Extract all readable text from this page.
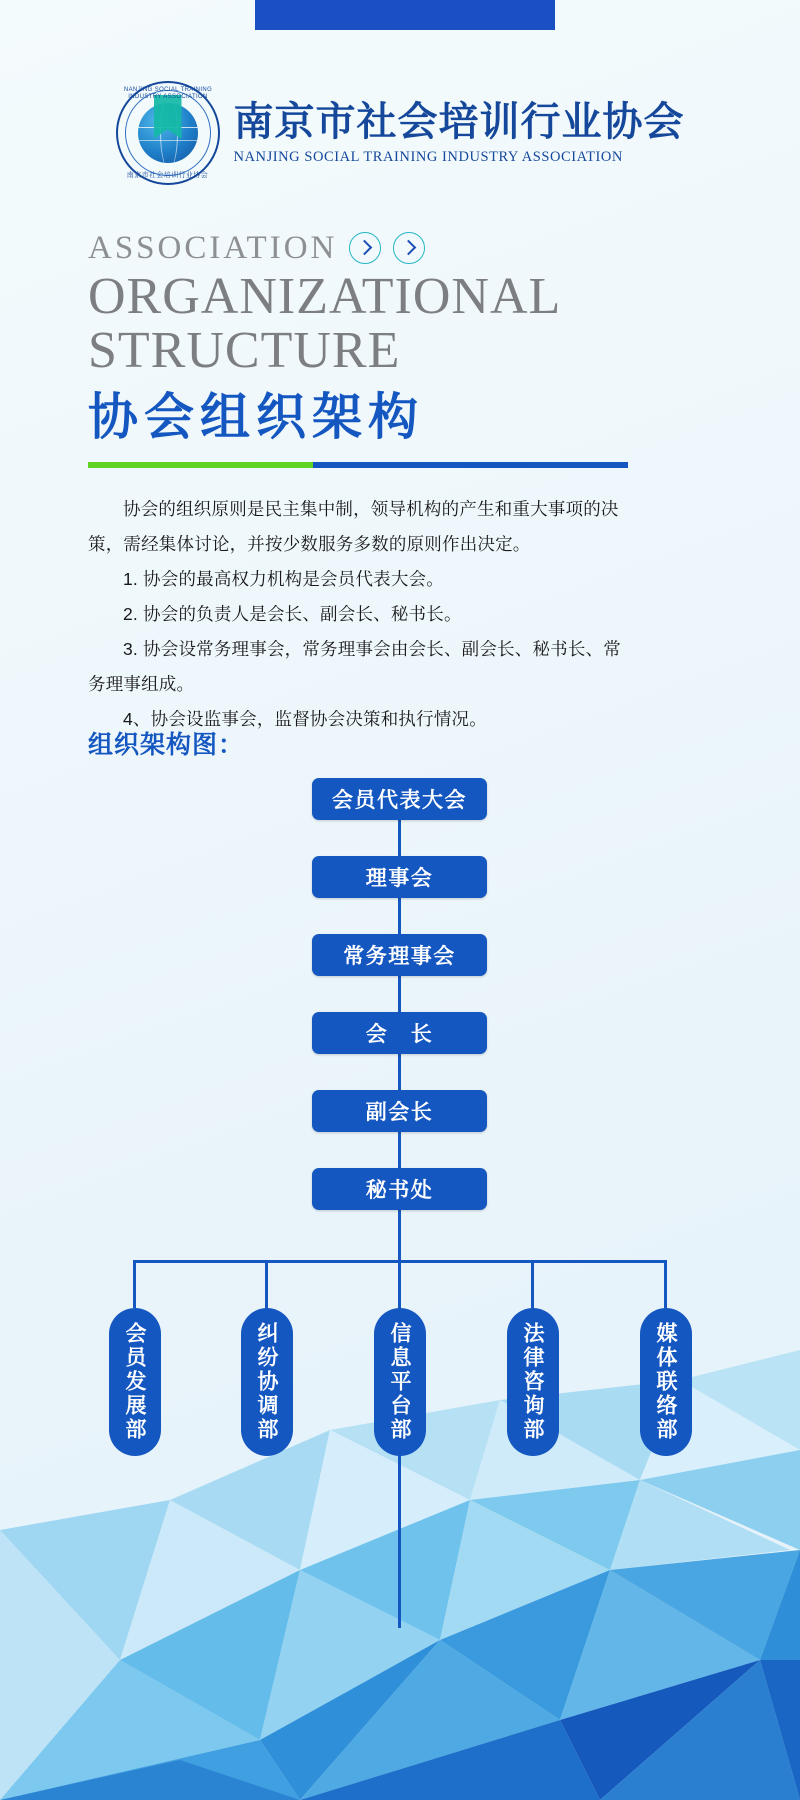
NANJING SOCIAL TRAINING INDUSTRY ASSOCIATION
南京市社会培训行业协会
南京市社会培训行业协会
NANJING SOCIAL TRAINING INDUSTRY ASSOCIATION
ASSOCIATION
ORGANIZATIONAL
STRUCTURE
协会组织架构

协会的组织原则是民主集中制，领导机构的产生和重大事项的决策，需经集体讨论，并按少数服务多数的原则作出决定。

1. 协会的最高权力机构是会员代表大会。

2. 协会的负责人是会长、副会长、秘书长。

3. 协会设常务理事会，常务理事会由会长、副会长、秘书长、常务理事组成。

4、协会设监事会，监督协会决策和执行情况。

组织架构图：
会员代表大会
理事会
常务理事会
会　长
副会长
秘书处
会员发展部	纠纷协调部	信息平台部	法律咨询部	媒体联络部
